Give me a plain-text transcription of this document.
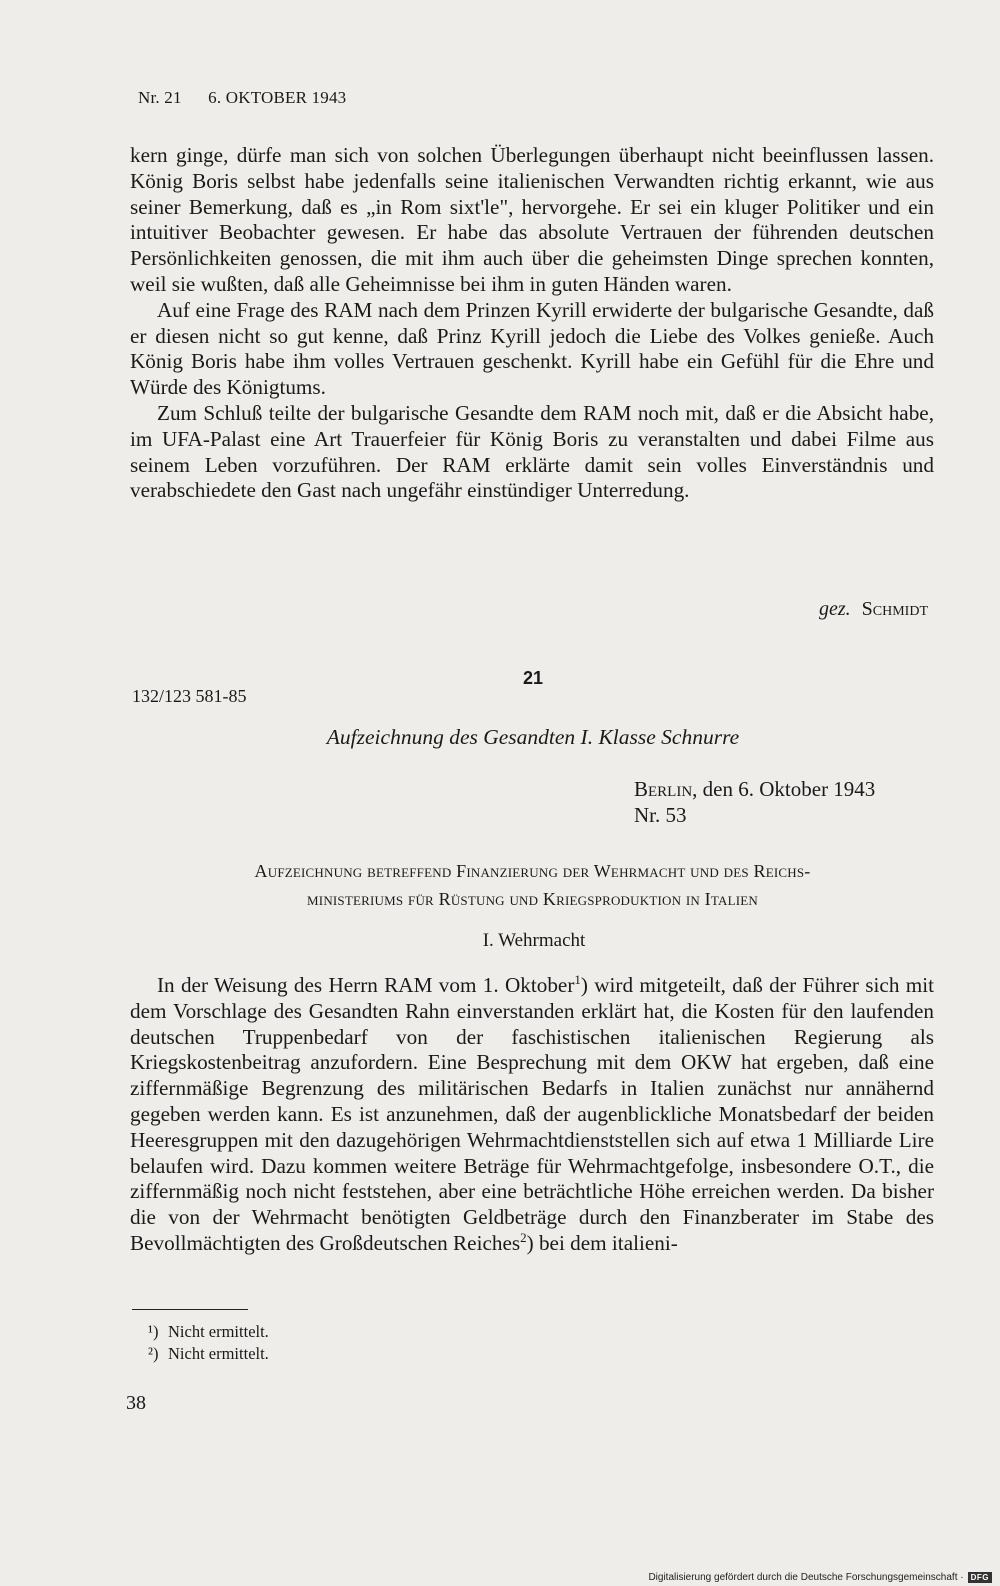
Nr. 21 6. OKTOBER 1943

kern ginge, dürfe man sich von solchen Überlegungen überhaupt nicht beeinflussen lassen. König Boris selbst habe jedenfalls seine italienischen Verwandten richtig erkannt, wie aus seiner Bemerkung, daß es „in Rom sixt'le", hervorgehe. Er sei ein kluger Politiker und ein intuitiver Beobachter gewesen. Er habe das absolute Vertrauen der führenden deutschen Persönlichkeiten genossen, die mit ihm auch über die geheimsten Dinge sprechen konnten, weil sie wußten, daß alle Geheimnisse bei ihm in guten Händen waren.

Auf eine Frage des RAM nach dem Prinzen Kyrill erwiderte der bulgarische Gesandte, daß er diesen nicht so gut kenne, daß Prinz Kyrill jedoch die Liebe des Volkes genieße. Auch König Boris habe ihm volles Vertrauen geschenkt. Kyrill habe ein Gefühl für die Ehre und Würde des Königtums.

Zum Schluß teilte der bulgarische Gesandte dem RAM noch mit, daß er die Absicht habe, im UFA-Palast eine Art Trauerfeier für König Boris zu veranstalten und dabei Filme aus seinem Leben vorzuführen. Der RAM erklärte damit sein volles Einverständnis und verabschiedete den Gast nach ungefähr einstündiger Unterredung.

gez. Schmidt
21
132/123 581-85
Aufzeichnung des Gesandten I. Klasse Schnurre
Berlin, den 6. Oktober 1943
Nr. 53
Aufzeichnung betreffend Finanzierung der Wehrmacht und des Reichs-
ministeriums für Rüstung und Kriegsproduktion in Italien
I. Wehrmacht

In der Weisung des Herrn RAM vom 1. Oktober$^1$) wird mitgeteilt, daß der Führer sich mit dem Vorschlage des Gesandten Rahn einverstanden erklärt hat, die Kosten für den laufenden deutschen Truppenbedarf von der faschistischen italienischen Regierung als Kriegskostenbeitrag anzufordern. Eine Besprechung mit dem OKW hat ergeben, daß eine ziffernmäßige Begrenzung des militärischen Bedarfs in Italien zunächst nur annähernd gegeben werden kann. Es ist anzunehmen, daß der augenblickliche Monatsbedarf der beiden Heeresgruppen mit den dazugehörigen Wehrmachtdienststellen sich auf etwa 1 Milliarde Lire belaufen wird. Dazu kommen weitere Beträge für Wehrmachtgefolge, insbesondere O.T., die ziffernmäßig noch nicht feststehen, aber eine beträchtliche Höhe erreichen werden. Da bisher die von der Wehrmacht benötigten Geldbeträge durch den Finanzberater im Stabe des Bevollmächtigten des Großdeutschen Reiches$^2$) bei dem italieni-

¹) Nicht ermittelt.
²) Nicht ermittelt.
38
Digitalisierung gefördert durch die Deutsche Forschungsgemeinschaft · DFG
